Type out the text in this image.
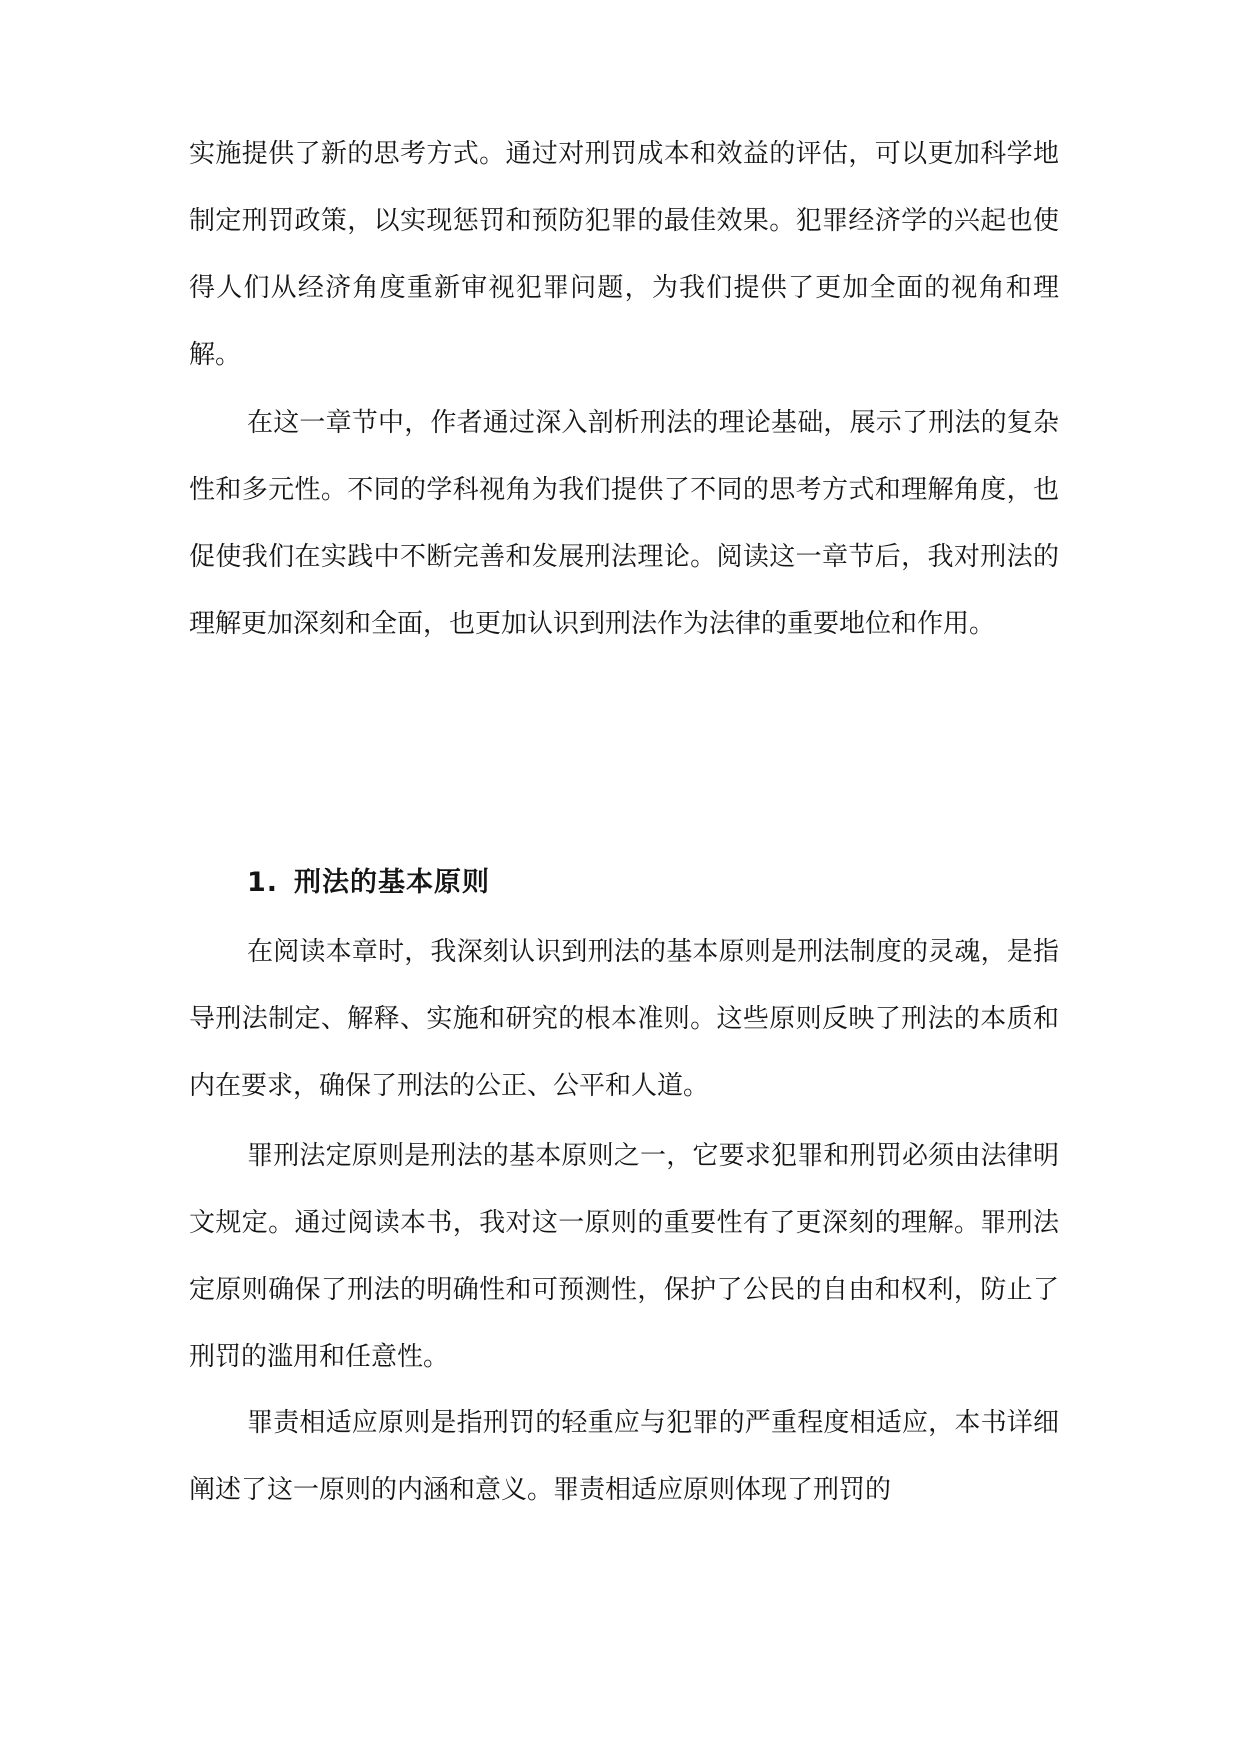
实施提供了新的思考方式。通过对刑罚成本和效益的评估，可以更加科学地制定刑罚政策，以实现惩罚和预防犯罪的最佳效果。犯罪经济学的兴起也使得人们从经济角度重新审视犯罪问题，为我们提供了更加全面的视角和理解。

在这一章节中，作者通过深入剖析刑法的理论基础，展示了刑法的复杂性和多元性。不同的学科视角为我们提供了不同的思考方式和理解角度，也促使我们在实践中不断完善和发展刑法理论。阅读这一章节后，我对刑法的理解更加深刻和全面，也更加认识到刑法作为法律的重要地位和作用。

1. 刑法的基本原则

在阅读本章时，我深刻认识到刑法的基本原则是刑法制度的灵魂，是指导刑法制定、解释、实施和研究的根本准则。这些原则反映了刑法的本质和内在要求，确保了刑法的公正、公平和人道。

罪刑法定原则是刑法的基本原则之一，它要求犯罪和刑罚必须由法律明文规定。通过阅读本书，我对这一原则的重要性有了更深刻的理解。罪刑法定原则确保了刑法的明确性和可预测性，保护了公民的自由和权利，防止了刑罚的滥用和任意性。

罪责相适应原则是指刑罚的轻重应与犯罪的严重程度相适应，本书详细阐述了这一原则的内涵和意义。罪责相适应原则体现了刑罚的
